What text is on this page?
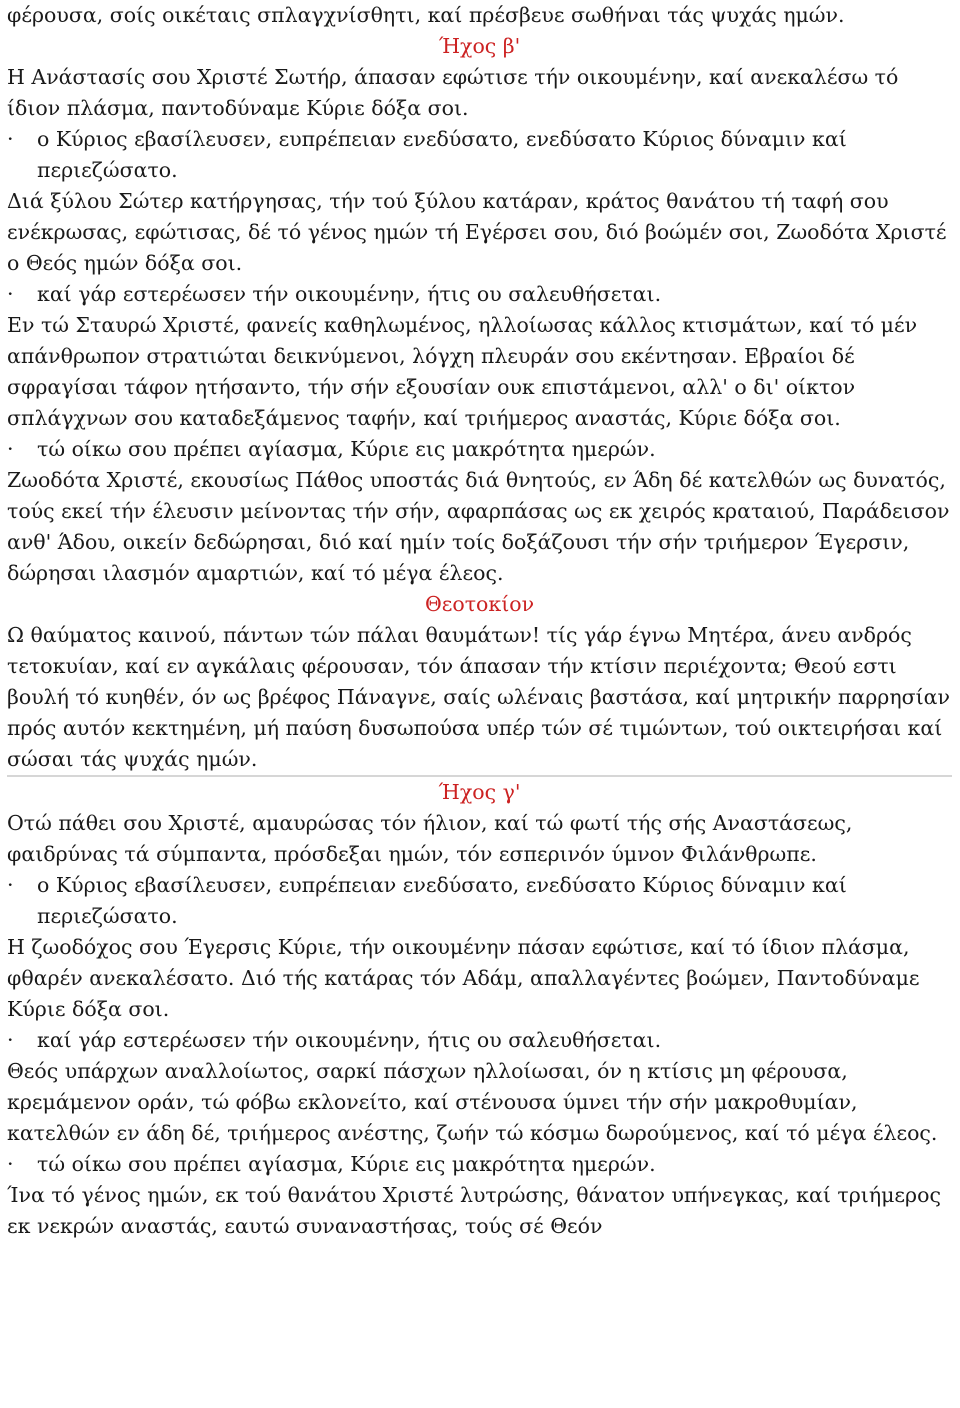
φέρουσα, σοίς οικέταις σπλαγχνίσθητι, καί πρέσβευε σωθήναι τάς ψυχάς ημών.
Ήχος β'
Η Ανάστασίς σου Χριστέ Σωτήρ, άπασαν εφώτισε τήν οικουμένην, καί ανεκαλέσω τό ίδιον πλάσμα, παντοδύναμε Κύριε δόξα σοι.
· ο Κύριος εβασίλευσεν, ευπρέπειαν ενεδύσατο, ενεδύσατο Κύριος δύναμιν καί περιεζώσατο.
Διά ξύλου Σώτερ κατήργησας, τήν τού ξύλου κατάραν, κράτος θανάτου τή ταφή σου ενέκρωσας, εφώτισας, δέ τό γένος ημών τή Εγέρσει σου, διό βοώμέν σοι, Ζωοδότα Χριστέ ο Θεός ημών δόξα σοι.
· καί γάρ εστερέωσεν τήν οικουμένην, ήτις ου σαλευθήσεται.
Εν τώ Σταυρώ Χριστέ, φανείς καθηλωμένος, ηλλοίωσας κάλλος κτισμάτων, καί τό μέν απάνθρωπον στρατιώται δεικνύμενοι, λόγχη πλευράν σου εκέντησαν. Εβραίοι δέ σφραγίσαι τάφον ητήσαντο, τήν σήν εξουσίαν ουκ επιστάμενοι, αλλ' ο δι' οίκτον σπλάγχνων σου καταδεξάμενος ταφήν, καί τριήμερος αναστάς, Κύριε δόξα σοι.
· τώ οίκω σου πρέπει αγίασμα, Κύριε εις μακρότητα ημερών.
Ζωοδότα Χριστέ, εκουσίως Πάθος υποστάς διά θνητούς, εν Άδη δέ κατελθών ως δυνατός, τούς εκεί τήν έλευσιν μείνοντας τήν σήν, αφαρπάσας ως εκ χειρός κραταιού, Παράδεισον ανθ' Άδου, οικείν δεδώρησαι, διό καί ημίν τοίς δοξάζουσι τήν σήν τριήμερον Έγερσιν, δώρησαι ιλασμόν αμαρτιών, καί τό μέγα έλεος.
Θεοτοκίον
Ω θαύματος καινού, πάντων τών πάλαι θαυμάτων! τίς γάρ έγνω Μητέρα, άνευ ανδρός τετοκυίαν, καί εν αγκάλαις φέρουσαν, τόν άπασαν τήν κτίσιν περιέχοντα; Θεού εστι βουλή τό κυηθέν, όν ως βρέφος Πάναγνε, σαίς ωλέναις βαστάσα, καί μητρικήν παρρησίαν πρός αυτόν κεκτημένη, μή παύση δυσωπούσα υπέρ τών σέ τιμώντων, τού οικτειρήσαι καί σώσαι τάς ψυχάς ημών.
Ήχος γ'
Οτώ πάθει σου Χριστέ, αμαυρώσας τόν ήλιον, καί τώ φωτί τής σής Αναστάσεως, φαιδρύνας τά σύμπαντα, πρόσδεξαι ημών, τόν εσπερινόν ύμνον Φιλάνθρωπε.
· ο Κύριος εβασίλευσεν, ευπρέπειαν ενεδύσατο, ενεδύσατο Κύριος δύναμιν καί περιεζώσατο.
Η ζωοδόχος σου Έγερσις Κύριε, τήν οικουμένην πάσαν εφώτισε, καί τό ίδιον πλάσμα, φθαρέν ανεκαλέσατο. Διό τής κατάρας τόν Αδάμ, απαλλαγέντες βοώμεν, Παντοδύναμε Κύριε δόξα σοι.
· καί γάρ εστερέωσεν τήν οικουμένην, ήτις ου σαλευθήσεται.
Θεός υπάρχων αναλλοίωτος, σαρκί πάσχων ηλλοίωσαι, όν η κτίσις μη φέρουσα, κρεμάμενον οράν, τώ φόβω εκλονείτο, καί στένουσα ύμνει τήν σήν μακροθυμίαν, κατελθών εν άδη δέ, τριήμερος ανέστης, ζωήν τώ κόσμω δωρούμενος, καί τό μέγα έλεος.
· τώ οίκω σου πρέπει αγίασμα, Κύριε εις μακρότητα ημερών.
Ίνα τό γένος ημών, εκ τού θανάτου Χριστέ λυτρώσης, θάνατον υπήνεγκας, καί τριήμερος εκ νεκρών αναστάς, εαυτώ συναναστήσας, τούς σέ Θεόν
